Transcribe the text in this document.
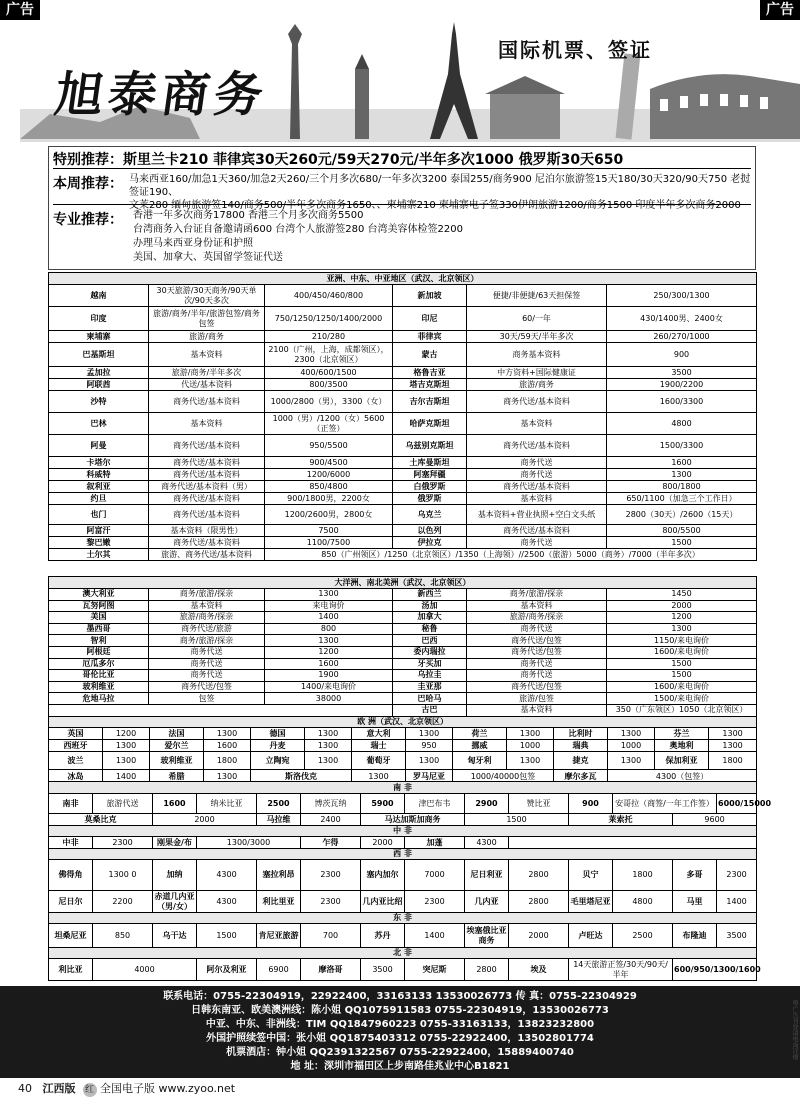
广告	广告
旭泰商务
国际机票、签证
特别推荐：斯里兰卡210 菲律宾30天260元/59天270元/半年多次1000 俄罗斯30天650
本周推荐： 马来西亚160/加急1天360/加急2天260/三个月多次680/一年多次3200 泰国255/商务900 尼泊尔旅游签15天180/30天320/90天750 老挝签证190、
文莱280 缅甸旅游签140/商务500/半年多次商务1650、、柬埔寨210 柬埔寨电子签330伊朗旅游1200/商务1500 印度半年多次商务2000
专业推荐：	香港一年多次商务17800 香港三个月多次商务5500
台湾商务入台证自备邀请函600 台湾个人旅游签280 台湾美容体检签2200
办理马来西亚身份证和护照
美国、加拿大、英国留学签证代送
亚洲、中东、中亚地区（武汉、北京领区）					
越南	30天旅游/30天商务/90天单次/90天多次	400/450/460/800	新加坡	便捷/非便捷/63天担保签	250/300/1300
印度	旅游/商务/半年/旅游包签/商务包签	750/1250/1250/1400/2000	印尼	60/一年	430/1400男、2400女
柬埔寨	旅游/商务	210/280	菲律宾	30天/59天/半年多次	260/270/1000
巴基斯坦	基本资料	2100（广州，上海，成都领区），2300（北京领区）	蒙古	商务基本资料	900
孟加拉	旅游/商务/半年多次	400/600/1500	格鲁吉亚	中方资料+国际健康证	3500
阿联酋	代送/基本资料	800/3500	塔吉克斯坦	旅游/商务	1900/2200
沙特	商务代送/基本资料	1000/2800（男），3300（女）	吉尔吉斯坦	商务代送/基本资料	1600/3300
巴林	基本资料	1000（男）/1200（女）5600（正签）	哈萨克斯坦	基本资料	4800
阿曼	商务代送/基本资料	950/5500	乌兹别克斯坦	商务代送/基本资料	1500/3300
卡塔尔	商务代送/基本资料	900/4500	土库曼斯坦	商务代送	1600
科威特	商务代送/基本资料	1200/6000	阿塞拜疆	商务代送	1300
叙利亚	商务代送/基本资料（男）	850/4800	白俄罗斯	商务代送/基本资料	800/1800
约旦	商务代送/基本资料	900/1800男，2200女	俄罗斯	基本资料	650/1100（加急三个工作日）
也门	商务代送/基本资料	1200/2600男，2800女	乌克兰	基本资料+营业执照+空白文头纸	2800（30天）/2600（15天）
阿富汗	基本资料（限男性）	7500	以色列	商务代送/基本资料	800/5500
黎巴嫩	商务代送/基本资料	1100/7500	伊拉克	商务代送	1500
土尔其	旅游、商务代送/基本资料	850（广州领区）/1250（北京领区）/1350（上海领）//2500（旅游）5000（商务）/7000（半年多次）			
大洋洲、南北美洲（武汉、北京领区）					
澳大利亚	商务/旅游/探亲	1300	新西兰	商务/旅游/探亲	1450
瓦努阿图	基本资料	来电询价	汤加	基本资料	2000
美国	旅游/商务/探亲	1400	加拿大	旅游/商务/探亲	1200
墨西哥	商务代送/旅游	800	秘鲁	商务代送	1300
智利	商务/旅游/探亲	1300	巴西	商务代送/包签	1150/来电询价
阿根廷	商务代送	1200	委内瑞拉	商务代送/包签	1600/来电询价
厄瓜多尔	商务代送	1600	牙买加	商务代送	1500
哥伦比亚	商务代送	1900	乌拉圭	商务代送	1500
玻利维亚	商务代送/包签	1400/来电询价	圭亚那	商务代送/包签	1600/来电询价
危地马拉	包签	38000	巴哈马	旅游/包签	1500/来电询价
			古巴	基本资料	350（广东领区）1050（北京领区）
欧 洲（武汉、北京领区）													
英国	1200	法国	1300	德国	1300	意大利	1300	荷兰	1300	比利时	1300	芬兰	1300
西班牙	1300	爱尔兰	1600	丹麦	1300	瑞士	950	挪威	1000	瑞典	1000	奥地利	1300
波兰	1300	玻利维亚	1800	立陶宛	1300	葡萄牙	1300	匈牙利	1300	捷克	1300	保加利亚	1800
冰岛	1400	希腊	1300	斯洛伐克		1300	罗马尼亚	1000/40000包签		摩尔多瓦	4300（包签）		
南 非														
南非	旅游代送	1600	纳米比亚	2500	博茨瓦纳	5900	津巴布韦	2900	赞比亚	900	安哥拉（商签/一年工作签）		6000/15000	
莫桑比克		2000		马拉维	2400	马达加斯加商务		1500		莱索托		9600		
中 非														
中非	2300	刚果金/布	1300/3000		乍得	2000	加蓬	4300						
西 非														
佛得角	1300 0	加纳	4300	塞拉利昂	2300	塞内加尔	7000	尼日利亚	2800	贝宁	1800	多哥	2300			
尼日尔	2200	赤道几内亚（男/女）	4300	利比里亚	2300	几内亚比绍	2300	几内亚	2800	毛里塔尼亚	4800	马里	1400	
东 非														
坦桑尼亚	850	乌干达	1500	肯尼亚旅游	700	苏丹	1400	埃塞俄比亚商务	2000	卢旺达	2500	布隆迪	3500	
北 非														
利比亚	4000		阿尔及利亚	6900	摩洛哥	3500	突尼斯	2800	埃及	14天旅游正签/30天/90天/半年		600/950/1300/1600		
联系电话：0755-22304919，22922400，33163133 13530026773 传 真：0755-22304929
日韩东南亚、欧美澳洲线：陈小姐 QQ1075911583 0755-22304919，13530026773
中亚、中东、非洲线：TIM QQ1847960223 0755-33163133，13823232800
外国护照续签中国：张小姐 QQ1875403312 0755-22922400，13502801774
机票酒店：钟小姐 QQ2391322567 0755-22922400，15889400740
地 址：深圳市福田区上步南路佳兆业中心B1821
40 江西版 红 全国电子版 www.zyoo.net
粤广告刊登请电询详细
